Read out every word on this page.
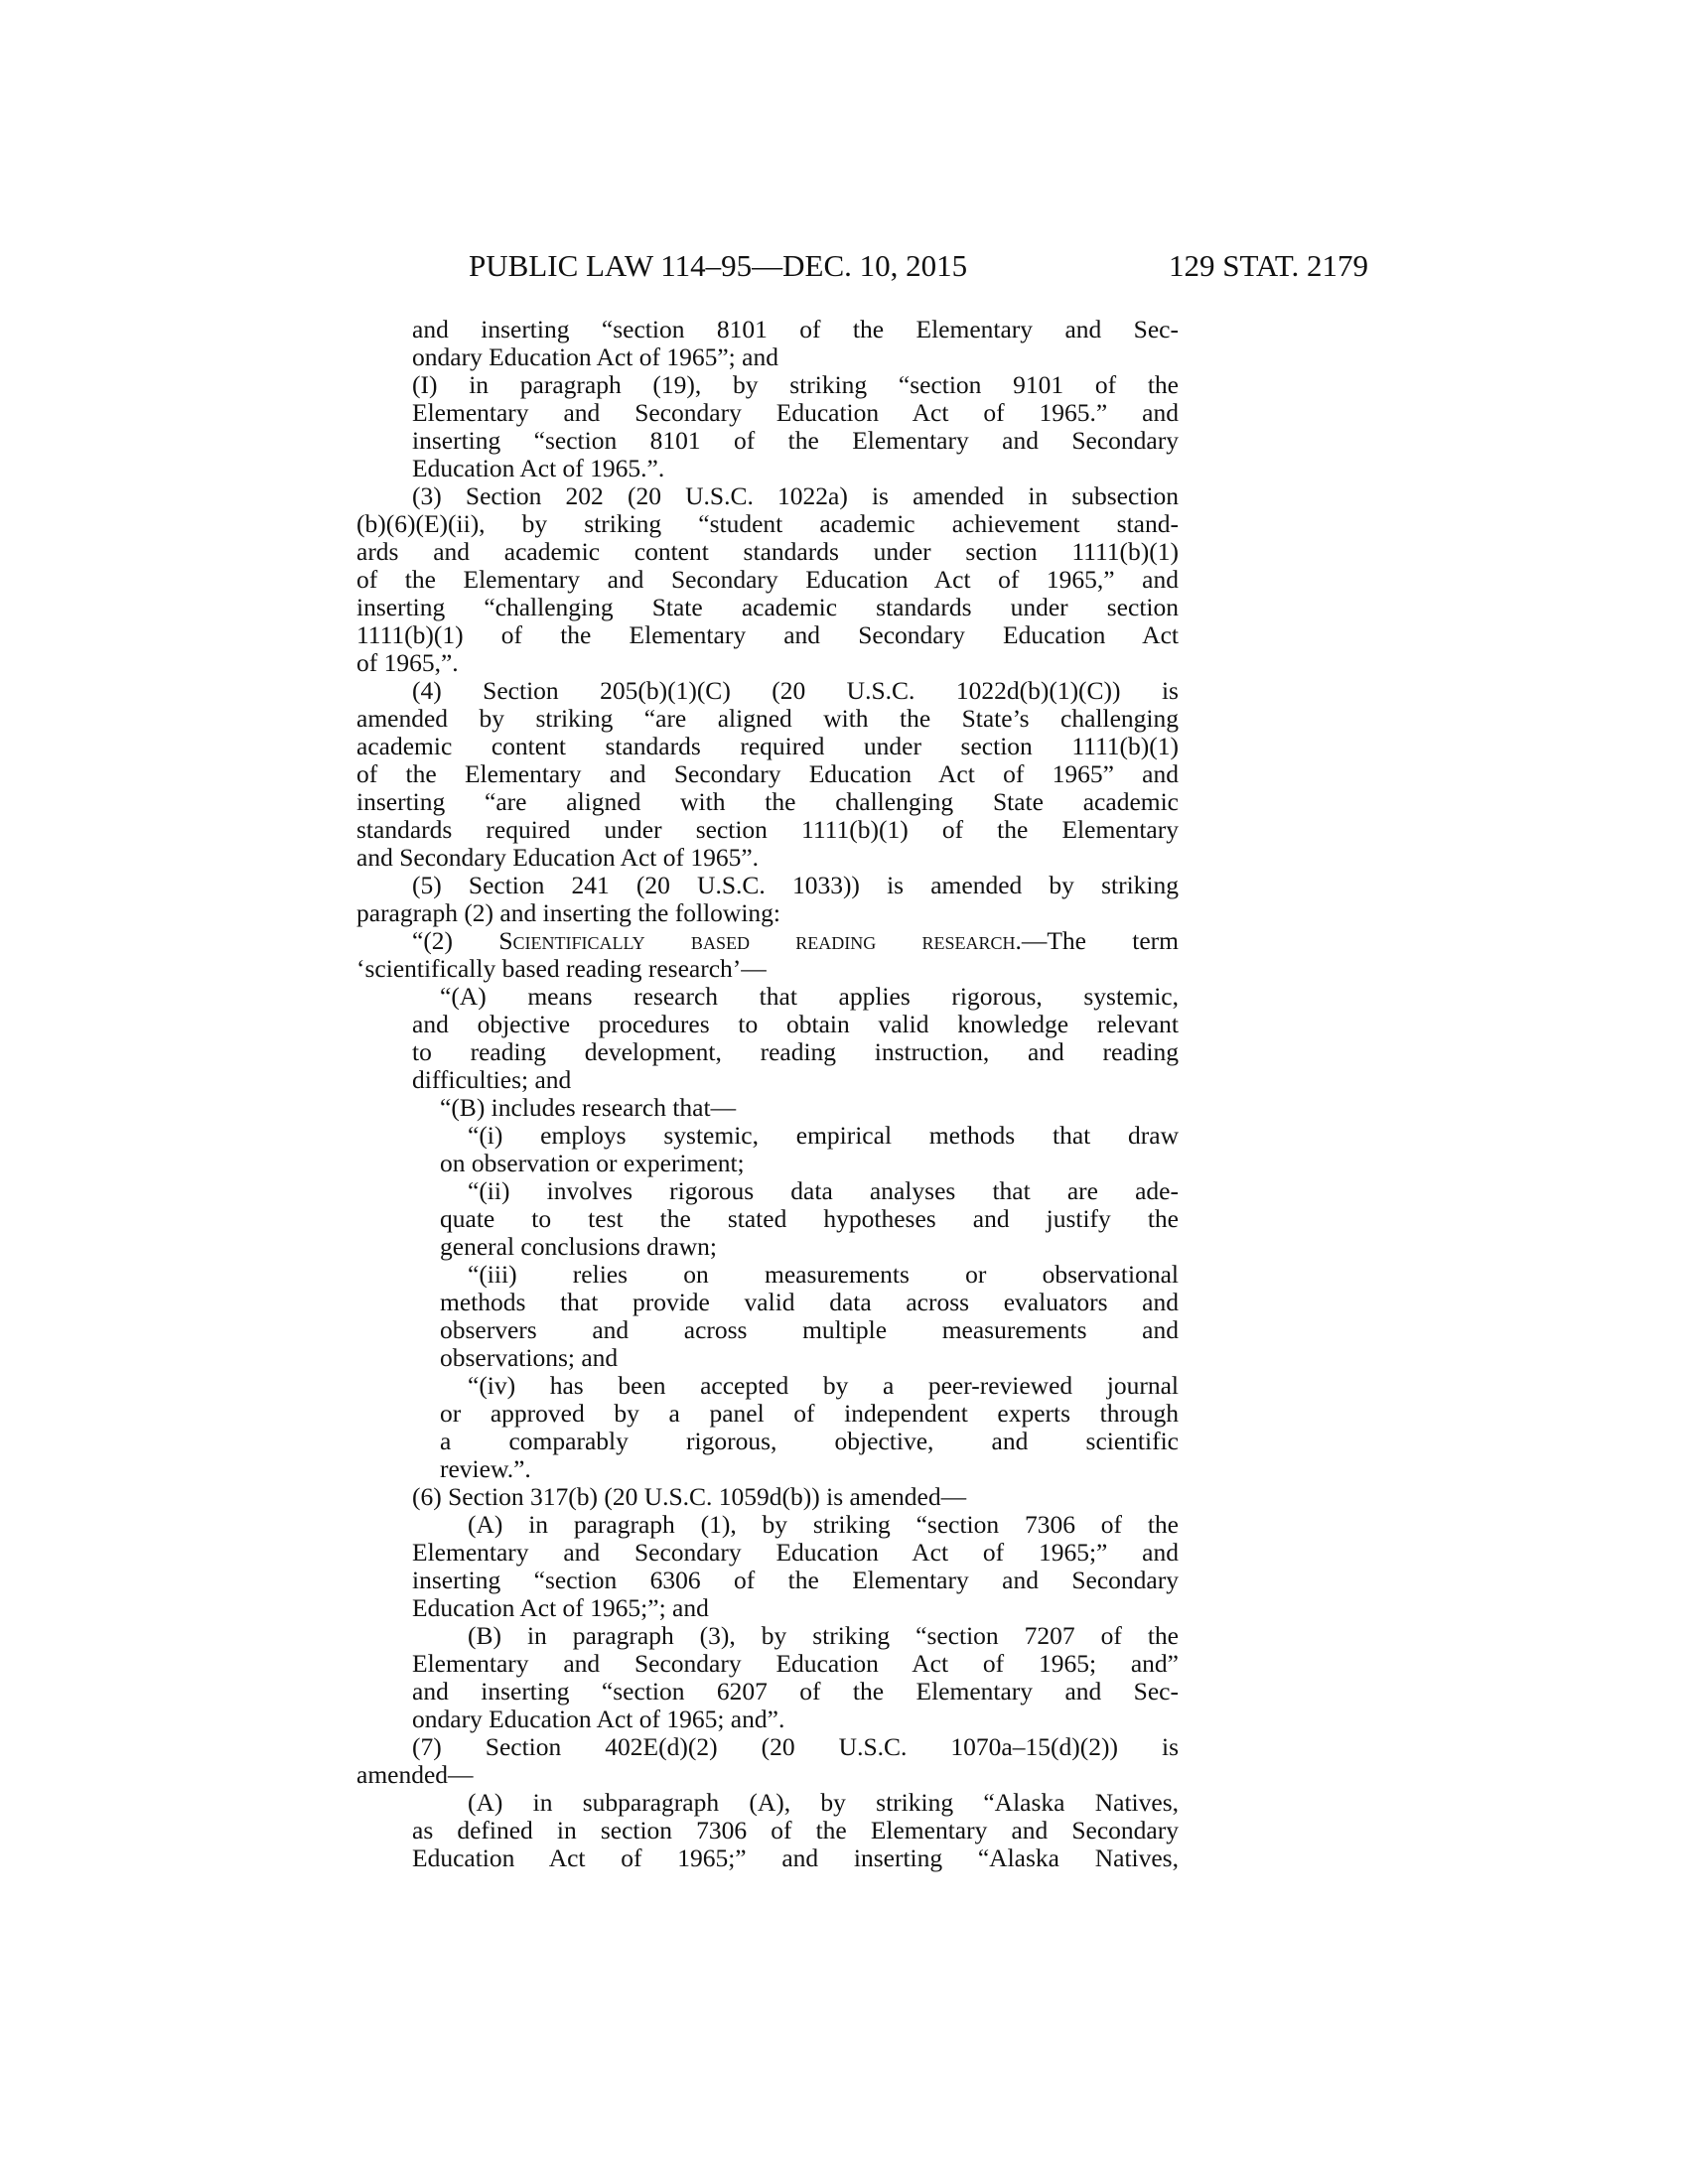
PUBLIC LAW 114–95—DEC. 10, 2015	129 STAT. 2179
and inserting “section 8101 of the Elementary and Sec-
ondary Education Act of 1965”; and
(I) in paragraph (19), by striking “section 9101 of the
Elementary and Secondary Education Act of 1965.” and
inserting “section 8101 of the Elementary and Secondary
Education Act of 1965.”.
(3) Section 202 (20 U.S.C. 1022a) is amended in subsection
(b)(6)(E)(ii), by striking “student academic achievement stand-
ards and academic content standards under section 1111(b)(1)
of the Elementary and Secondary Education Act of 1965,” and
inserting “challenging State academic standards under section
1111(b)(1) of the Elementary and Secondary Education Act
of 1965,”.
(4) Section 205(b)(1)(C) (20 U.S.C. 1022d(b)(1)(C)) is
amended by striking “are aligned with the State’s challenging
academic content standards required under section 1111(b)(1)
of the Elementary and Secondary Education Act of 1965” and
inserting “are aligned with the challenging State academic
standards required under section 1111(b)(1) of the Elementary
and Secondary Education Act of 1965”.
(5) Section 241 (20 U.S.C. 1033)) is amended by striking
paragraph (2) and inserting the following:
“(2) Scientifically based reading research.—The term
‘scientifically based reading research’—
“(A) means research that applies rigorous, systemic,
and objective procedures to obtain valid knowledge relevant
to reading development, reading instruction, and reading
difficulties; and
“(B) includes research that—
“(i) employs systemic, empirical methods that draw
on observation or experiment;
“(ii) involves rigorous data analyses that are ade-
quate to test the stated hypotheses and justify the
general conclusions drawn;
“(iii) relies on measurements or observational
methods that provide valid data across evaluators and
observers and across multiple measurements and
observations; and
“(iv) has been accepted by a peer-reviewed journal
or approved by a panel of independent experts through
a comparably rigorous, objective, and scientific
review.”.
(6) Section 317(b) (20 U.S.C. 1059d(b)) is amended—
(A) in paragraph (1), by striking “section 7306 of the
Elementary and Secondary Education Act of 1965;” and
inserting “section 6306 of the Elementary and Secondary
Education Act of 1965;”; and
(B) in paragraph (3), by striking “section 7207 of the
Elementary and Secondary Education Act of 1965; and”
and inserting “section 6207 of the Elementary and Sec-
ondary Education Act of 1965; and”.
(7) Section 402E(d)(2) (20 U.S.C. 1070a–15(d)(2)) is
amended—
(A) in subparagraph (A), by striking “Alaska Natives,
as defined in section 7306 of the Elementary and Secondary
Education Act of 1965;” and inserting “Alaska Natives,
